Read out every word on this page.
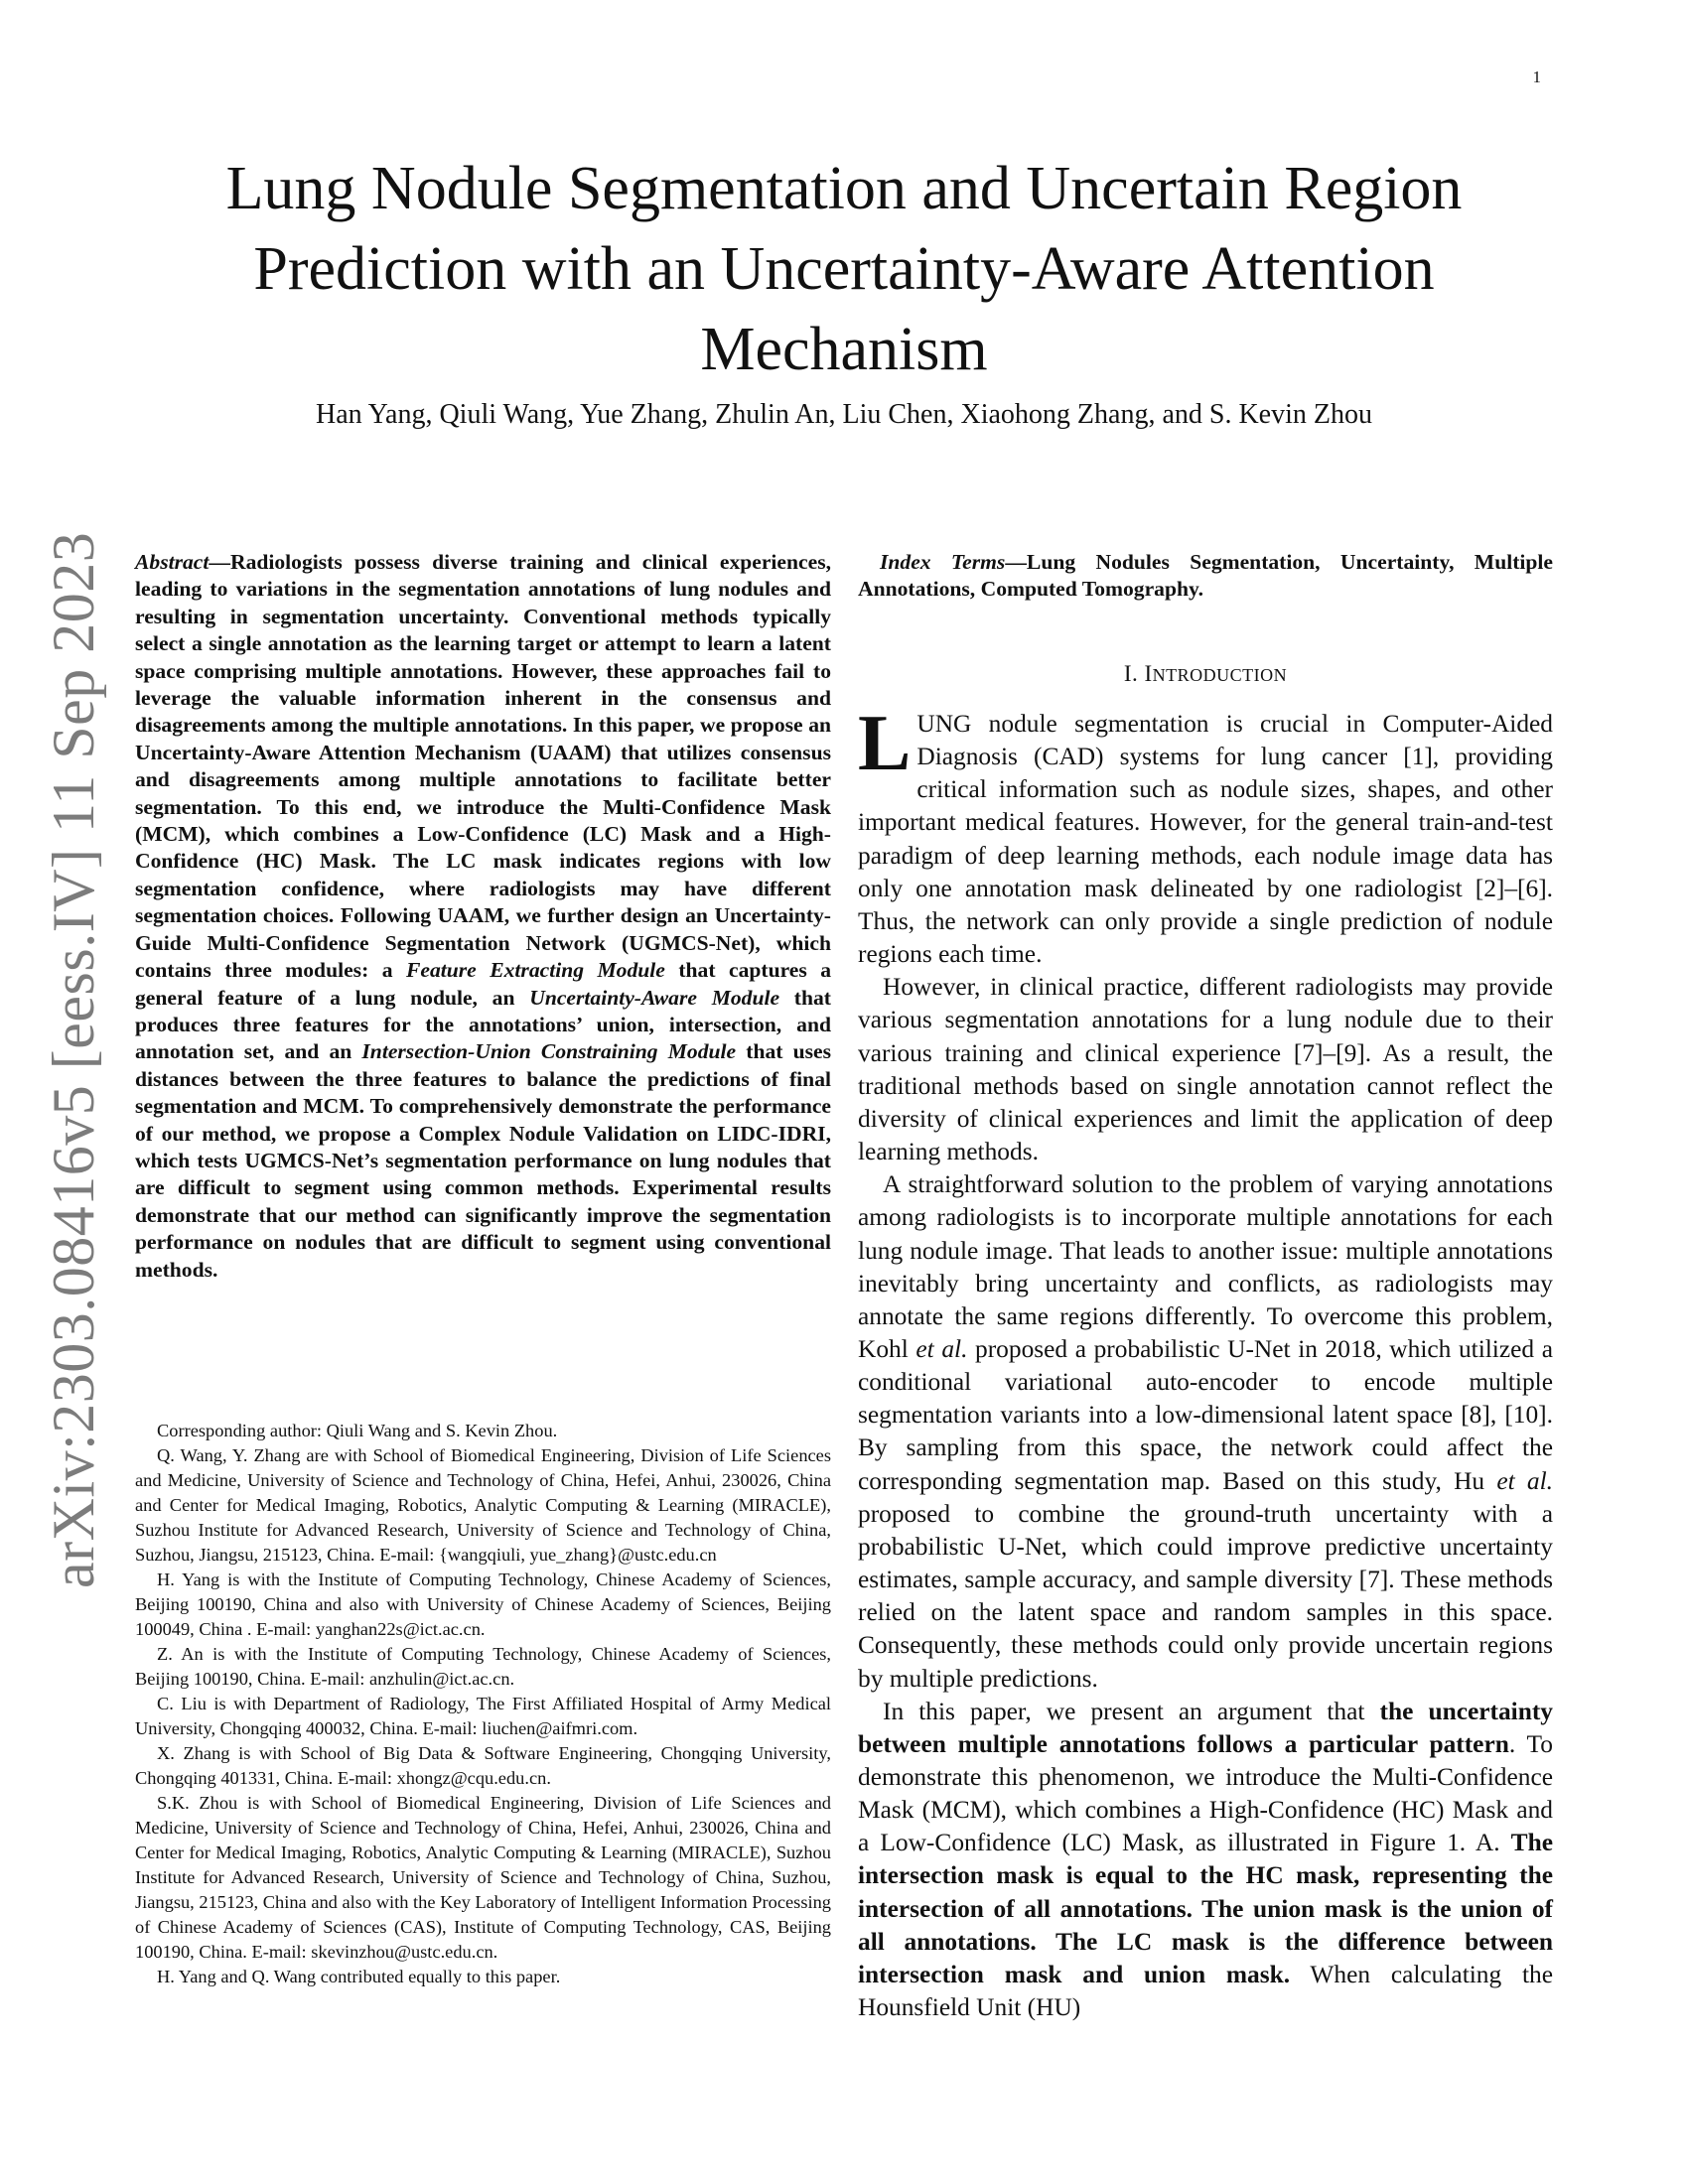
1
arXiv:2303.08416v5 [eess.IV] 11 Sep 2023
Lung Nodule Segmentation and Uncertain Region Prediction with an Uncertainty-Aware Attention Mechanism
Han Yang, Qiuli Wang, Yue Zhang, Zhulin An, Liu Chen, Xiaohong Zhang, and S. Kevin Zhou
Abstract—Radiologists possess diverse training and clinical experiences, leading to variations in the segmentation annotations of lung nodules and resulting in segmentation uncertainty. Conventional methods typically select a single annotation as the learning target or attempt to learn a latent space comprising multiple annotations. However, these approaches fail to leverage the valuable information inherent in the consensus and disagreements among the multiple annotations. In this paper, we propose an Uncertainty-Aware Attention Mechanism (UAAM) that utilizes consensus and disagreements among multiple annotations to facilitate better segmentation. To this end, we introduce the Multi-Confidence Mask (MCM), which combines a Low-Confidence (LC) Mask and a High-Confidence (HC) Mask. The LC mask indicates regions with low segmentation confidence, where radiologists may have different segmentation choices. Following UAAM, we further design an Uncertainty-Guide Multi-Confidence Segmentation Network (UGMCS-Net), which contains three modules: a Feature Extracting Module that captures a general feature of a lung nodule, an Uncertainty-Aware Module that produces three features for the annotations’ union, intersection, and annotation set, and an Intersection-Union Constraining Module that uses distances between the three features to balance the predictions of final segmentation and MCM. To comprehensively demonstrate the performance of our method, we propose a Complex Nodule Validation on LIDC-IDRI, which tests UGMCS-Net’s segmentation performance on lung nodules that are difficult to segment using common methods. Experimental results demonstrate that our method can significantly improve the segmentation performance on nodules that are difficult to segment using conventional methods.

Corresponding author: Qiuli Wang and S. Kevin Zhou.

Q. Wang, Y. Zhang are with School of Biomedical Engineering, Division of Life Sciences and Medicine, University of Science and Technology of China, Hefei, Anhui, 230026, China and Center for Medical Imaging, Robotics, Analytic Computing & Learning (MIRACLE), Suzhou Institute for Advanced Research, University of Science and Technology of China, Suzhou, Jiangsu, 215123, China. E-mail: {wangqiuli, yue_zhang}@ustc.edu.cn

H. Yang is with the Institute of Computing Technology, Chinese Academy of Sciences, Beijing 100190, China and also with University of Chinese Academy of Sciences, Beijing 100049, China . E-mail: yanghan22s@ict.ac.cn.

Z. An is with the Institute of Computing Technology, Chinese Academy of Sciences, Beijing 100190, China. E-mail: anzhulin@ict.ac.cn.

C. Liu is with Department of Radiology, The First Affiliated Hospital of Army Medical University, Chongqing 400032, China. E-mail: liuchen@aifmri.com.

X. Zhang is with School of Big Data & Software Engineering, Chongqing University, Chongqing 401331, China. E-mail: xhongz@cqu.edu.cn.

S.K. Zhou is with School of Biomedical Engineering, Division of Life Sciences and Medicine, University of Science and Technology of China, Hefei, Anhui, 230026, China and Center for Medical Imaging, Robotics, Analytic Computing & Learning (MIRACLE), Suzhou Institute for Advanced Research, University of Science and Technology of China, Suzhou, Jiangsu, 215123, China and also with the Key Laboratory of Intelligent Information Processing of Chinese Academy of Sciences (CAS), Institute of Computing Technology, CAS, Beijing 100190, China. E-mail: skevinzhou@ustc.edu.cn.

H. Yang and Q. Wang contributed equally to this paper.

Index Terms—Lung Nodules Segmentation, Uncertainty, Multiple Annotations, Computed Tomography.
I. INTRODUCTION

LUNG nodule segmentation is crucial in Computer-Aided Diagnosis (CAD) systems for lung cancer [1], providing critical information such as nodule sizes, shapes, and other important medical features. However, for the general train-and-test paradigm of deep learning methods, each nodule image data has only one annotation mask delineated by one radiologist [2]–[6]. Thus, the network can only provide a single prediction of nodule regions each time.

However, in clinical practice, different radiologists may provide various segmentation annotations for a lung nodule due to their various training and clinical experience [7]–[9]. As a result, the traditional methods based on single annotation cannot reflect the diversity of clinical experiences and limit the application of deep learning methods.

A straightforward solution to the problem of varying annotations among radiologists is to incorporate multiple annotations for each lung nodule image. That leads to another issue: multiple annotations inevitably bring uncertainty and conflicts, as radiologists may annotate the same regions differently. To overcome this problem, Kohl et al. proposed a probabilistic U-Net in 2018, which utilized a conditional variational auto-encoder to encode multiple segmentation variants into a low-dimensional latent space [8], [10]. By sampling from this space, the network could affect the corresponding segmentation map. Based on this study, Hu et al. proposed to combine the ground-truth uncertainty with a probabilistic U-Net, which could improve predictive uncertainty estimates, sample accuracy, and sample diversity [7]. These methods relied on the latent space and random samples in this space. Consequently, these methods could only provide uncertain regions by multiple predictions.

In this paper, we present an argument that the uncertainty between multiple annotations follows a particular pattern. To demonstrate this phenomenon, we introduce the Multi-Confidence Mask (MCM), which combines a High-Confidence (HC) Mask and a Low-Confidence (LC) Mask, as illustrated in Figure 1. A. The intersection mask is equal to the HC mask, representing the intersection of all annotations. The union mask is the union of all annotations. The LC mask is the difference between intersection mask and union mask. When calculating the Hounsfield Unit (HU)
